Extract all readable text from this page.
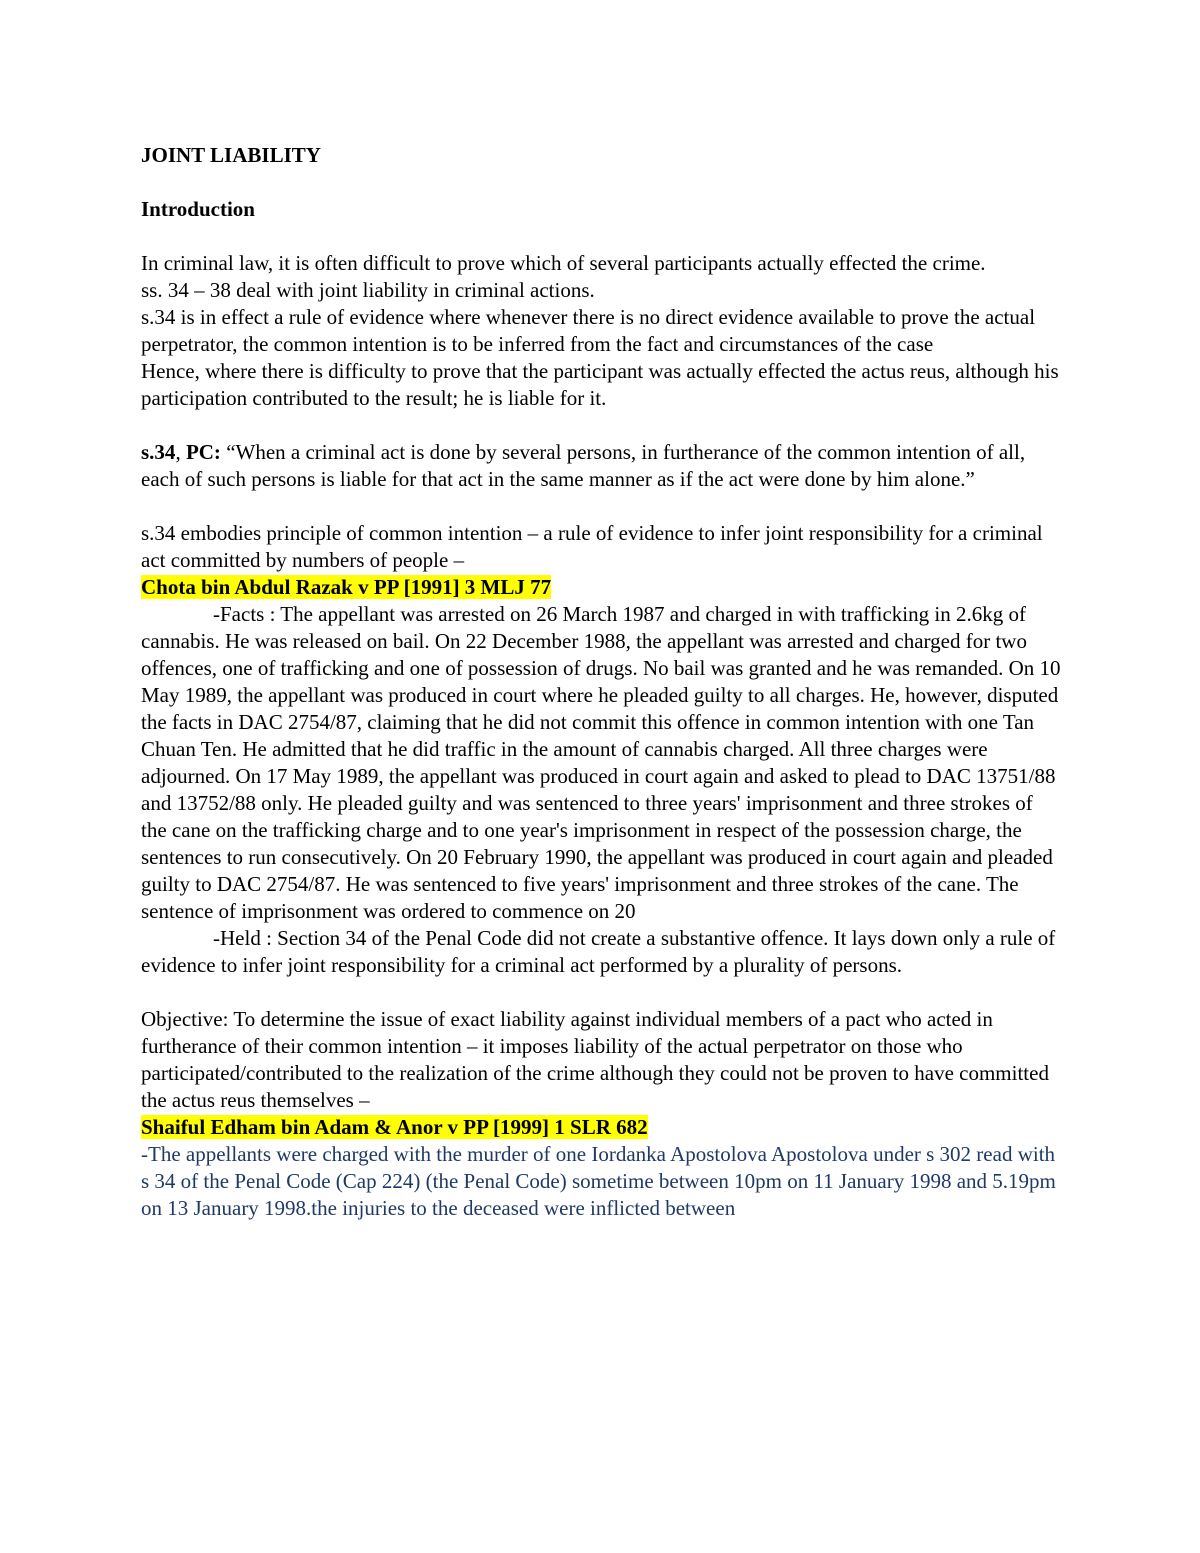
JOINT LIABILITY

Introduction

In criminal law, it is often difficult to prove which of several participants actually effected the crime.

ss. 34 – 38 deal with joint liability in criminal actions.

s.34 is in effect a rule of evidence where whenever there is no direct evidence available to prove the actual perpetrator, the common intention is to be inferred from the fact and circumstances of the case

Hence, where there is difficulty to prove that the participant was actually effected the actus reus, although his participation contributed to the result; he is liable for it.

s.34, PC: “When a criminal act is done by several persons, in furtherance of the common intention of all, each of such persons is liable for that act in the same manner as if the act were done by him alone.”

s.34 embodies principle of common intention – a rule of evidence to infer joint responsibility for a criminal act committed by numbers of people –

Chota bin Abdul Razak v PP [1991] 3 MLJ 77

-Facts : The appellant was arrested on 26 March 1987 and charged in with trafficking in 2.6kg of cannabis. He was released on bail. On 22 December 1988, the appellant was arrested and charged for two offences, one of trafficking and one of possession of drugs. No bail was granted and he was remanded. On 10 May 1989, the appellant was produced in court where he pleaded guilty to all charges. He, however, disputed the facts in DAC 2754/87, claiming that he did not commit this offence in common intention with one Tan Chuan Ten. He admitted that he did traffic in the amount of cannabis charged. All three charges were adjourned. On 17 May 1989, the appellant was produced in court again and asked to plead to DAC 13751/88 and 13752/88 only. He pleaded guilty and was sentenced to three years' imprisonment and three strokes of the cane on the trafficking charge and to one year's imprisonment in respect of the possession charge, the sentences to run consecutively. On 20 February 1990, the appellant was produced in court again and pleaded guilty to DAC 2754/87. He was sentenced to five years' imprisonment and three strokes of the cane. The sentence of imprisonment was ordered to commence on 20

-Held : Section 34 of the Penal Code did not create a substantive offence. It lays down only a rule of evidence to infer joint responsibility for a criminal act performed by a plurality of persons.

Objective: To determine the issue of exact liability against individual members of a pact who acted in furtherance of their common intention – it imposes liability of the actual perpetrator on those who participated/contributed to the realization of the crime although they could not be proven to have committed the actus reus themselves –

Shaiful Edham bin Adam & Anor v PP [1999] 1 SLR 682

-The appellants were charged with the murder of one Iordanka Apostolova Apostolova under s 302 read with s 34 of the Penal Code (Cap 224) (the Penal Code) sometime between 10pm on 11 January 1998 and 5.19pm on 13 January 1998.the injuries to the deceased were inflicted between
